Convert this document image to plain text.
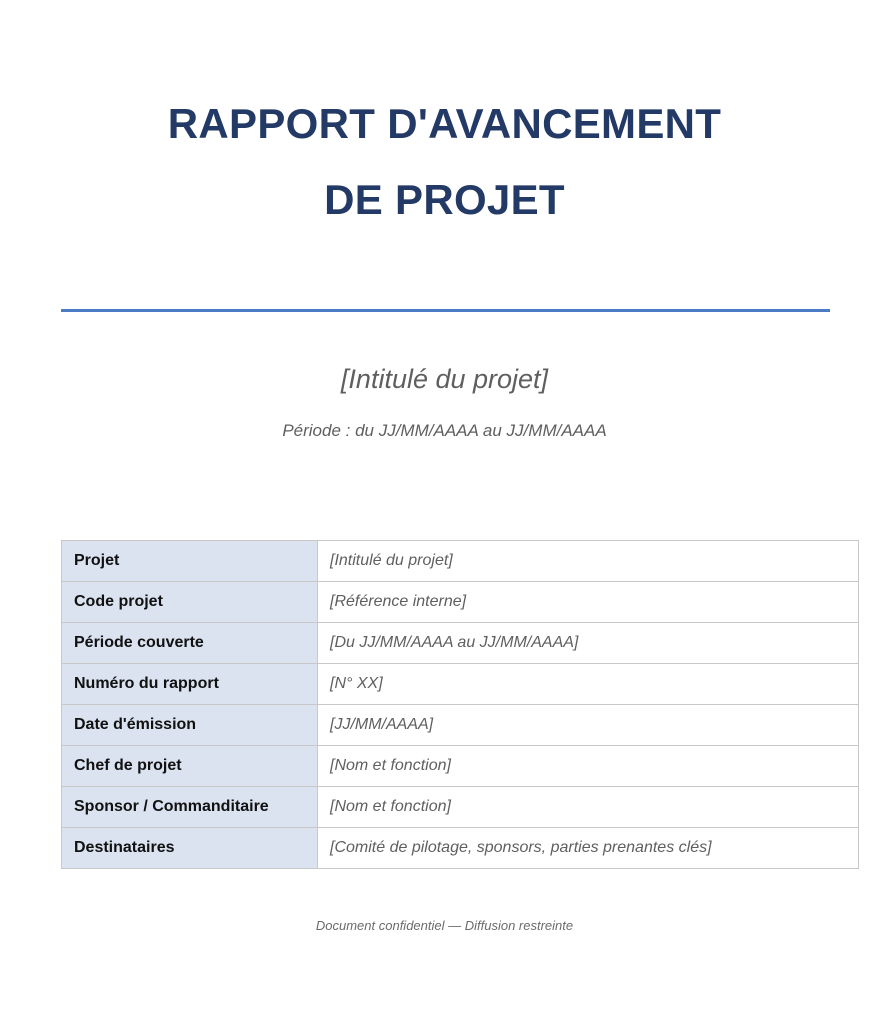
RAPPORT D'AVANCEMENT
DE PROJET
[Intitulé du projet]
Période : du JJ/MM/AAAA au JJ/MM/AAAA
Projet	[Intitulé du projet]
Code projet	[Référence interne]
Période couverte	[Du JJ/MM/AAAA au JJ/MM/AAAA]
Numéro du rapport	[N° XX]
Date d'émission	[JJ/MM/AAAA]
Chef de projet	[Nom et fonction]
Sponsor / Commanditaire	[Nom et fonction]
Destinataires	[Comité de pilotage, sponsors, parties prenantes clés]
Document confidentiel — Diffusion restreinte
